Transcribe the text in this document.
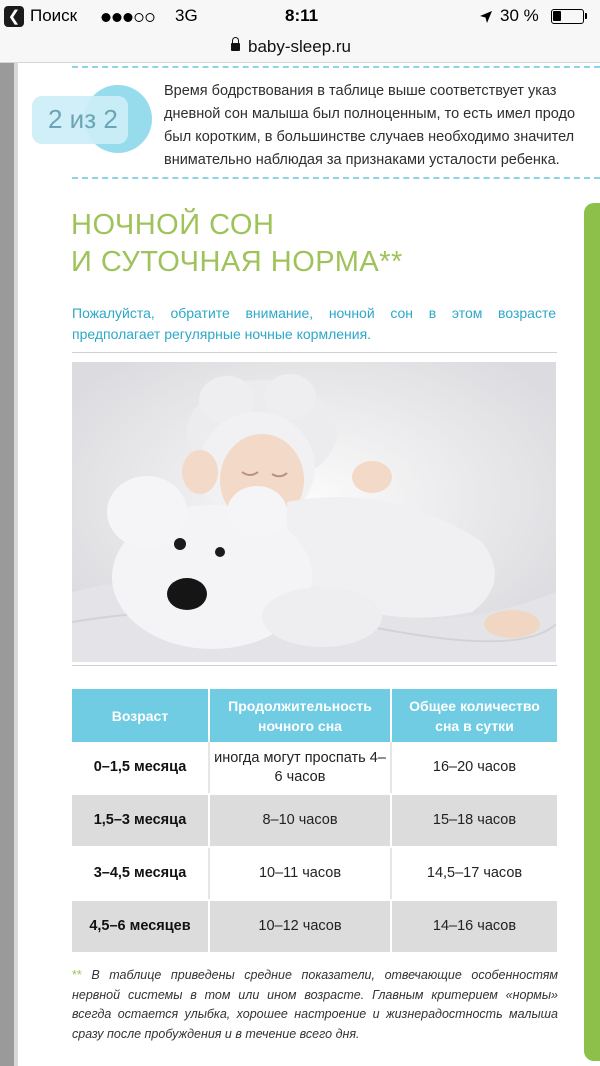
❮ Поиск	3G	8:11	30 %
baby-sleep.ru
2 из 2
Время бодрствования в таблице выше соответствует указ
дневной сон малыша был полноценным, то есть имел продо
был коротким, в большинстве случаев необходимо значител
внимательно наблюдая за признаками усталости ребенка.
НОЧНОЙ СОН
И СУТОЧНАЯ НОРМА**
Пожалуйста, обратите внимание, ночной сон в этом возрасте предполагает регулярные ночные кормления.
Возраст	Продолжительность ночного сна	Общее количество сна в сутки
0–1,5 месяца	иногда могут проспать 4–6 часов	16–20 часов
1,5–3 месяца	8–10 часов	15–18 часов
3–4,5 месяца	10–11 часов	14,5–17 часов
4,5–6 месяцев	10–12 часов	14–16 часов
** В таблице приведены средние показатели, отвечающие особенностям нервной системы в том или ином возрасте. Главным критерием «нормы» всегда остается улыбка, хорошее настроение и жизнерадостность малыша сразу после пробуждения и в течение всего дня.
